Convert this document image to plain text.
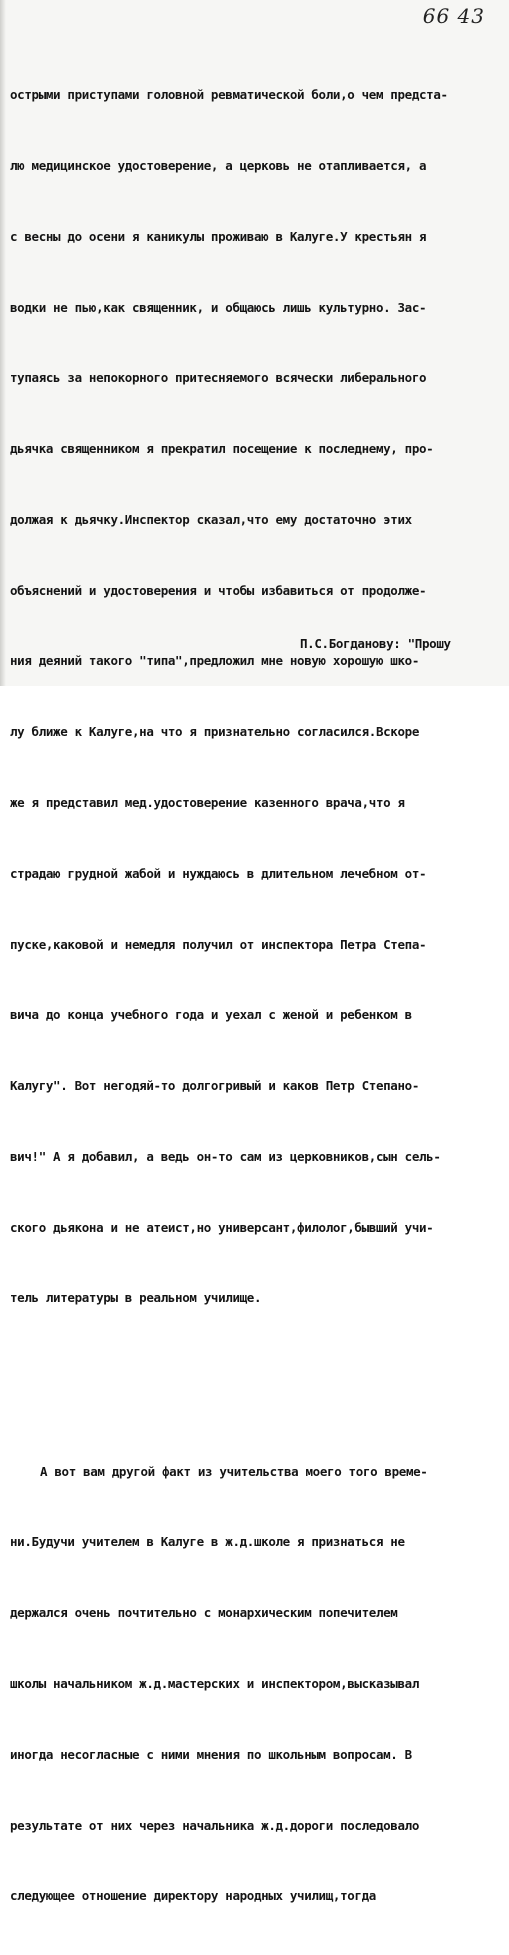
66 43

острыми приступами головной ревматической боли,о чем предста-

лю медицинское удостоверение, а церковь не отапливается, а

с весны до осени я каникулы проживаю в Калуге.У крестьян я

водки не пью,как священник, и общаюсь лишь культурно. Зас-

тупаясь за непокорного притесняемого всячески либерального

дьячка священником я прекратил посещение к последнему, про-

должая к дьячку.Инспектор сказал,что ему достаточно этих

объяснений и удостоверения и чтобы избавиться от продолже-

ния деяний такого "типа",предложил мне новую хорошую шко-

лу ближе к Калуге,на что я признательно согласился.Вскоре

же я представил мед.удостоверение казенного врача,что я

страдаю грудной жабой и нуждаюсь в длительном лечебном от-

пуске,каковой и немедля получил от инспектора Петра Степа-

вича до конца учебного года и уехал с женой и ребенком в

Калугу". Вот негодяй-то долгогривый и каков Петр Степано-

вич!" А я добавил, а ведь он-то сам из церковников,сын сель-

ского дьякона и не атеист,но универсант,филолог,бывший учи-

тель литературы в реальном училище.

А вот вам другой факт из учительства моего того време-

ни.Будучи учителем в Калуге в ж.д.школе я признаться не

держался очень почтительно с монархическим попечителем

школы начальником ж.д.мастерских и инспектором,высказывал

иногда несогласные с ними мнения по школьным вопросам. В

результате от них через начальника ж.д.дороги последовало

следующее отношение директору народных училищ,тогда

П.С.Богданову: "Прошу
